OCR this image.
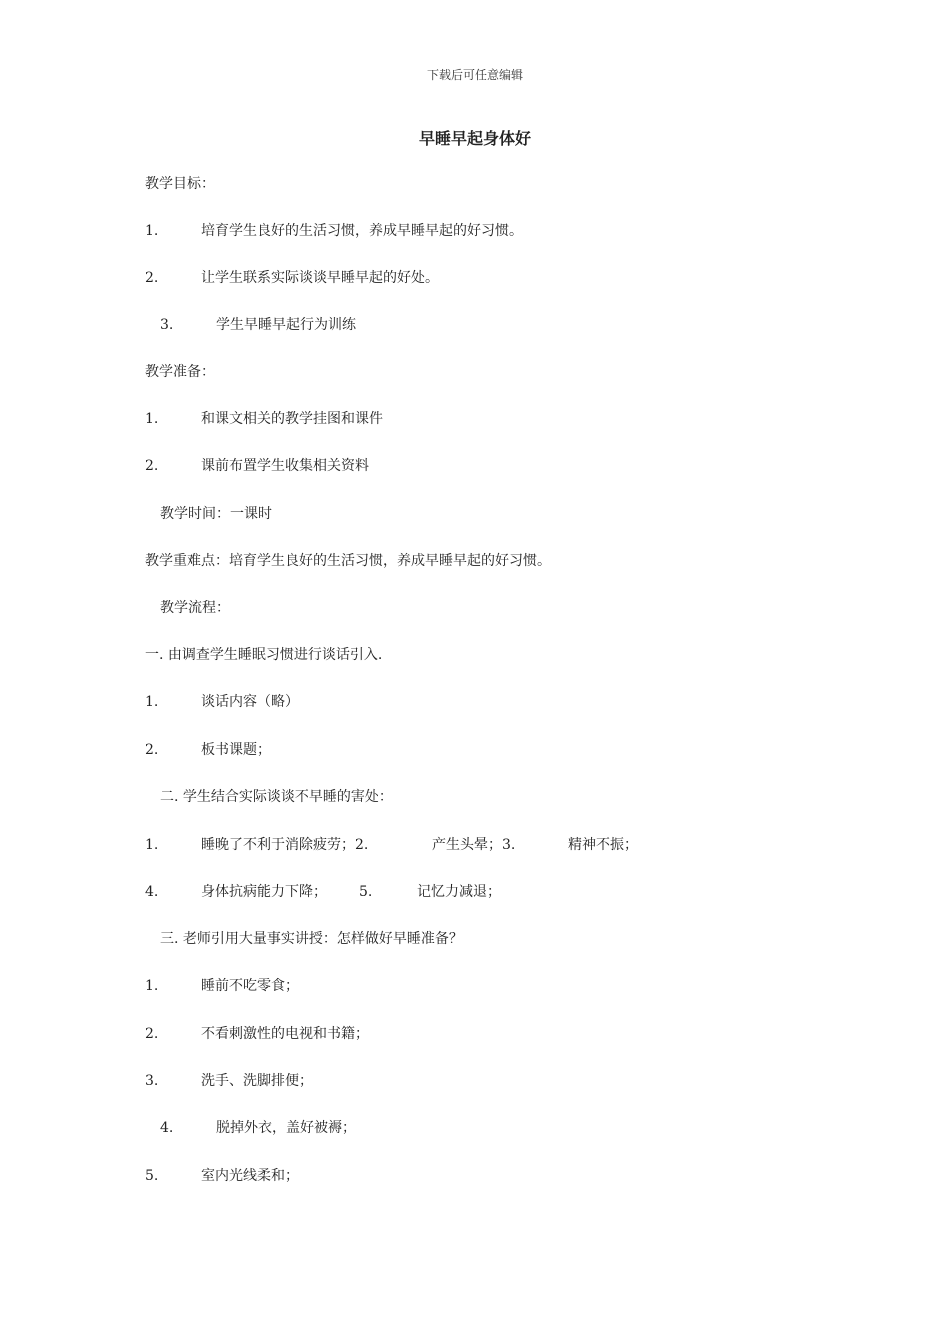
下载后可任意编辑
早睡早起身体好
教学目标：
1.	培育学生良好的生活习惯，养成早睡早起的好习惯。
2.	让学生联系实际谈谈早睡早起的好处。
3.	学生早睡早起行为训练
教学准备：
1.	和课文相关的教学挂图和课件
2.	课前布置学生收集相关资料
教学时间：一课时
教学重难点：培育学生良好的生活习惯，养成早睡早起的好习惯。
教学流程：
一. 由调查学生睡眠习惯进行谈话引入.
1.	谈话内容（略）
2.	板书课题；
二. 学生结合实际谈谈不早睡的害处：
1.	睡晚了不利于消除疲劳；2.	产生头晕；3.	精神不振；
4.	身体抗病能力下降； 5.	记忆力减退；
三. 老师引用大量事实讲授：怎样做好早睡准备？
1.	睡前不吃零食；
2.	不看刺激性的电视和书籍；
3.	洗手、洗脚排便；
4.	脱掉外衣，盖好被褥；
5.	室内光线柔和；
